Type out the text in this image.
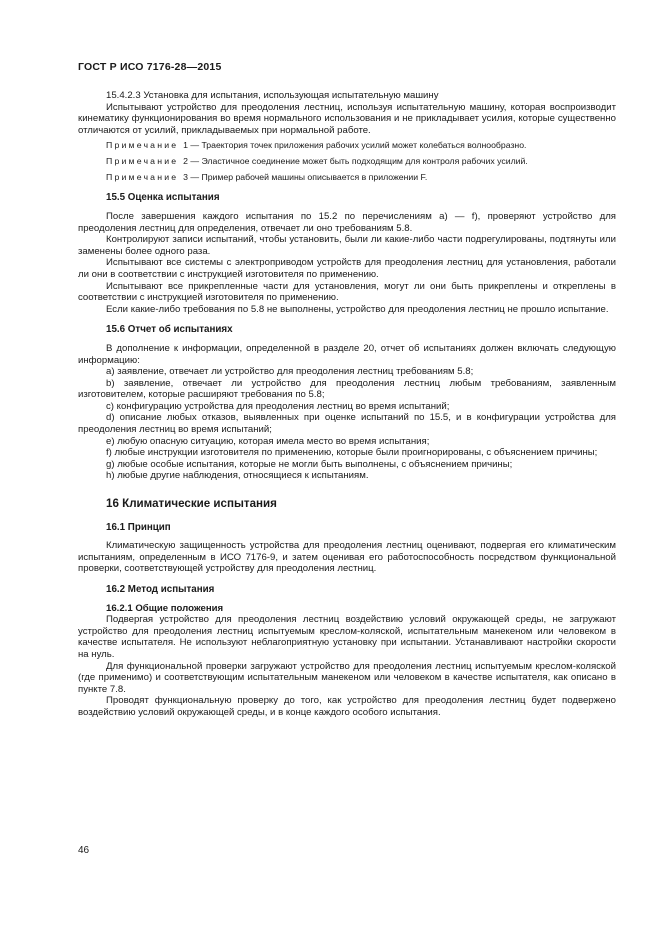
ГОСТ Р ИСО 7176-28—2015

15.4.2.3 Установка для испытания, использующая испытательную машину

Испытывают устройство для преодоления лестниц, используя испытательную машину, которая воспроизводит кинематику функционирования во время нормального использования и не прикладывает усилия, которые существенно отличаются от усилий, прикладываемых при нормальной работе.

Примечание 1 — Траектория точек приложения рабочих усилий может колебаться волнообразно.
Примечание 2 — Эластичное соединение может быть подходящим для контроля рабочих усилий.
Примечание 3 — Пример рабочей машины описывается в приложении F.
15.5 Оценка испытания

После завершения каждого испытания по 15.2 по перечислениям а) — f), проверяют устройство для преодоления лестниц для определения, отвечает ли оно требованиям 5.8.

Контролируют записи испытаний, чтобы установить, были ли какие-либо части подрегулированы, подтянуты или заменены более одного раза.

Испытывают все системы с электроприводом устройств для преодоления лестниц для установления, работали ли они в соответствии с инструкцией изготовителя по применению.

Испытывают все прикрепленные части для установления, могут ли они быть прикреплены и откреплены в соответствии с инструкцией изготовителя по применению.

Если какие-либо требования по 5.8 не выполнены, устройство для преодоления лестниц не прошло испытание.

15.6 Отчет об испытаниях

В дополнение к информации, определенной в разделе 20, отчет об испытаниях должен включать следующую информацию:

a) заявление, отвечает ли устройство для преодоления лестниц требованиям 5.8;

b) заявление, отвечает ли устройство для преодоления лестниц любым требованиям, заявленным изготовителем, которые расширяют требования по 5.8;

c) конфигурацию устройства для преодоления лестниц во время испытаний;

d) описание любых отказов, выявленных при оценке испытаний по 15.5, и в конфигурации устройства для преодоления лестниц во время испытаний;

e) любую опасную ситуацию, которая имела место во время испытания;

f) любые инструкции изготовителя по применению, которые были проигнорированы, с объяснением причины;

g) любые особые испытания, которые не могли быть выполнены, с объяснением причины;

h) любые другие наблюдения, относящиеся к испытаниям.

16 Климатические испытания
16.1 Принцип

Климатическую защищенность устройства для преодоления лестниц оценивают, подвергая его климатическим испытаниям, определенным в ИСО 7176-9, и затем оценивая его работоспособность посредством функциональной проверки, соответствующей устройству для преодоления лестниц.

16.2 Метод испытания
16.2.1 Общие положения

Подвергая устройство для преодоления лестниц воздействию условий окружающей среды, не загружают устройство для преодоления лестниц испытуемым креслом-коляской, испытательным манекеном или человеком в качестве испытателя. Не используют неблагоприятную установку при испытании. Устанавливают настройки скорости на нуль.

Для функциональной проверки загружают устройство для преодоления лестниц испытуемым креслом-коляской (где применимо) и соответствующим испытательным манекеном или человеком в качестве испытателя, как описано в пункте 7.8.

Проводят функциональную проверку до того, как устройство для преодоления лестниц будет подвержено воздействию условий окружающей среды, и в конце каждого особого испытания.

46
